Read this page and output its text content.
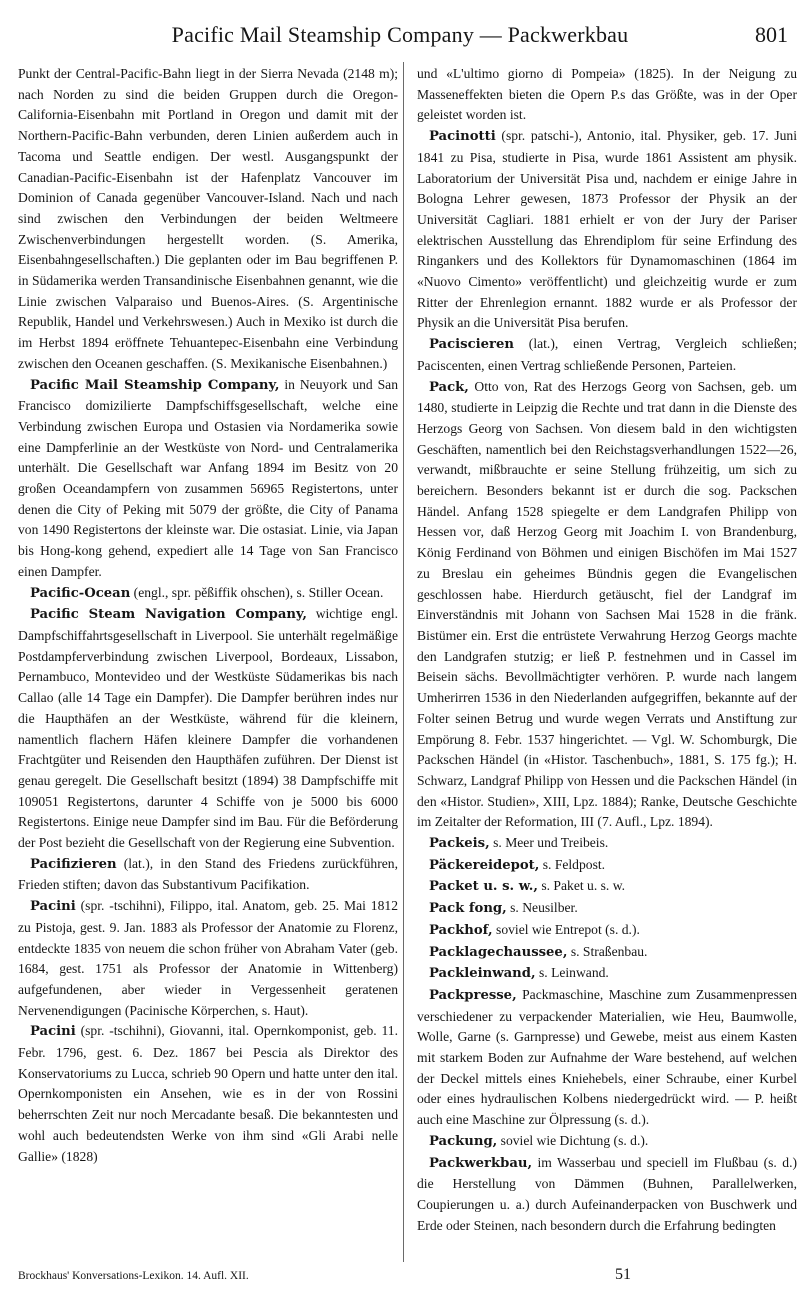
Pacific Mail Steamship Company — Packwerkbau	801

Punkt der Central-Pacific-Bahn liegt in der Sierra Nevada (2148 m); nach Norden zu sind die beiden Gruppen durch die Oregon-California-Eisenbahn mit Portland in Oregon und damit mit der Northern-Pacific-Bahn verbunden, deren Linien außerdem auch in Tacoma und Seattle endigen. Der westl. Ausgangspunkt der Canadian-Pacific-Eisenbahn ist der Hafenplatz Vancouver im Dominion of Canada gegenüber Vancouver-Island. Nach und nach sind zwischen den Verbindungen der beiden Weltmeere Zwischenverbindungen hergestellt worden. (S. Amerika, Eisenbahngesellschaften.) Die geplanten oder im Bau begriffenen P. in Südamerika werden Transandinische Eisenbahnen genannt, wie die Linie zwischen Valparaiso und Buenos-Aires. (S. Argentinische Republik, Handel und Verkehrswesen.) Auch in Mexiko ist durch die im Herbst 1894 eröffnete Tehuantepec-Eisenbahn eine Verbindung zwischen den Oceanen geschaffen. (S. Mexikanische Eisenbahnen.)

Pacific Mail Steamship Company, in Neuyork und San Francisco domizilierte Dampfschiffsgesellschaft, welche eine Verbindung zwischen Europa und Ostasien via Nordamerika sowie eine Dampferlinie an der Westküste von Nord- und Centralamerika unterhält. Die Gesellschaft war Anfang 1894 im Besitz von 20 großen Oceandampfern von zusammen 56965 Registertons, unter denen die City of Peking mit 5079 der größte, die City of Panama von 1490 Registertons der kleinste war. Die ostasiat. Linie, via Japan bis Hong-kong gehend, expediert alle 14 Tage von San Francisco einen Dampfer.

Pacific-Ocean (engl., spr. pĕßiffik ohschen), s. Stiller Ocean.

Pacific Steam Navigation Company, wichtige engl. Dampfschiffahrtsgesellschaft in Liverpool. Sie unterhält regelmäßige Postdampferverbindung zwischen Liverpool, Bordeaux, Lissabon, Pernambuco, Montevideo und der Westküste Südamerikas bis nach Callao (alle 14 Tage ein Dampfer). Die Dampfer berühren indes nur die Haupthäfen an der Westküste, während für die kleinern, namentlich flachern Häfen kleinere Dampfer die vorhandenen Frachtgüter und Reisenden den Haupthäfen zuführen. Der Dienst ist genau geregelt. Die Gesellschaft besitzt (1894) 38 Dampfschiffe mit 109051 Registertons, darunter 4 Schiffe von je 5000 bis 6000 Registertons. Einige neue Dampfer sind im Bau. Für die Beförderung der Post bezieht die Gesellschaft von der Regierung eine Subvention.

Pacifizieren (lat.), in den Stand des Friedens zurückführen, Frieden stiften; davon das Substantivum Pacifikation.

Pacini (spr. -tschihni), Filippo, ital. Anatom, geb. 25. Mai 1812 zu Pistoja, gest. 9. Jan. 1883 als Professor der Anatomie zu Florenz, entdeckte 1835 von neuem die schon früher von Abraham Vater (geb. 1684, gest. 1751 als Professor der Anatomie in Wittenberg) aufgefundenen, aber wieder in Vergessenheit geratenen Nervenendigungen (Pacinische Körperchen, s. Haut).

Pacini (spr. -tschihni), Giovanni, ital. Opernkomponist, geb. 11. Febr. 1796, gest. 6. Dez. 1867 bei Pescia als Direktor des Konservatoriums zu Lucca, schrieb 90 Opern und hatte unter den ital. Opernkomponisten ein Ansehen, wie es in der von Rossini beherrschten Zeit nur noch Mercadante besaß. Die bekanntesten und wohl auch bedeutendsten Werke von ihm sind «Gli Arabi nelle Gallie» (1828)

und «L'ultimo giorno di Pompeia» (1825). In der Neigung zu Massenеffekten bieten die Opern P.s das Größte, was in der Oper geleistet worden ist.

Pacinotti (spr. patschi-), Antonio, ital. Physiker, geb. 17. Juni 1841 zu Pisa, studierte in Pisa, wurde 1861 Assistent am physik. Laboratorium der Universität Pisa und, nachdem er einige Jahre in Bologna Lehrer gewesen, 1873 Professor der Physik an der Universität Cagliari. 1881 erhielt er von der Jury der Pariser elektrischen Ausstellung das Ehrendiplom für seine Erfindung des Ringankers und des Kollektors für Dynamomaschinen (1864 im «Nuovo Cimento» veröffentlicht) und gleichzeitig wurde er zum Ritter der Ehrenlegion ernannt. 1882 wurde er als Professor der Physik an die Universität Pisa berufen.

Paciscieren (lat.), einen Vertrag, Vergleich schließen; Paciscenten, einen Vertrag schließende Personen, Parteien.

Pack, Otto von, Rat des Herzogs Georg von Sachsen, geb. um 1480, studierte in Leipzig die Rechte und trat dann in die Dienste des Herzogs Georg von Sachsen. Von diesem bald in den wichtigsten Geschäften, namentlich bei den Reichstagsverhandlungen 1522—26, verwandt, mißbrauchte er seine Stellung frühzeitig, um sich zu bereichern. Besonders bekannt ist er durch die sog. Packschen Händel. Anfang 1528 spiegelte er dem Landgrafen Philipp von Hessen vor, daß Herzog Georg mit Joachim I. von Brandenburg, König Ferdinand von Böhmen und einigen Bischöfen im Mai 1527 zu Breslau ein geheimes Bündnis gegen die Evangelischen geschlossen habe. Hierdurch getäuscht, fiel der Landgraf im Einverständnis mit Johann von Sachsen Mai 1528 in die fränk. Bistümer ein. Erst die entrüstete Verwahrung Herzog Georgs machte den Landgrafen stutzig; er ließ P. festnehmen und in Cassel im Beisein sächs. Bevollmächtigter verhören. P. wurde nach langem Umherirren 1536 in den Niederlanden aufgegriffen, bekannte auf der Folter seinen Betrug und wurde wegen Verrats und Anstiftung zur Empörung 8. Febr. 1537 hingerichtet. — Vgl. W. Schomburgk, Die Packschen Händel (in «Histor. Taschenbuch», 1881, S. 175 fg.); H. Schwarz, Landgraf Philipp von Hessen und die Packschen Händel (in den «Histor. Studien», XIII, Lpz. 1884); Ranke, Deutsche Geschichte im Zeitalter der Reformation, III (7. Aufl., Lpz. 1894).

Packeis, s. Meer und Treibeis.

Päckereidepot, s. Feldpost.

Packet u. s. w., s. Paket u. s. w.

Pack fong, s. Neusilber.

Packhof, soviel wie Entrepot (s. d.).

Packlagechaussee, s. Straßenbau.

Packleinwand, s. Leinwand.

Packpresse, Packmaschine, Maschine zum Zusammenpressen verschiedener zu verpackender Materialien, wie Heu, Baumwolle, Wolle, Garne (s. Garnpresse) und Gewebe, meist aus einem Kasten mit starkem Boden zur Aufnahme der Ware bestehend, auf welchen der Deckel mittels eines Kniehebels, einer Schraube, einer Kurbel oder eines hydraulischen Kolbens niedergedrückt wird. — P. heißt auch eine Maschine zur Ölpressung (s. d.).

Packung, soviel wie Dichtung (s. d.).

Packwerkbau, im Wasserbau und speciell im Flußbau (s. d.) die Herstellung von Dämmen (Buhnen, Parallelwerken, Coupierungen u. a.) durch Aufeinanderpacken von Buschwerk und Erde oder Steinen, nach besondern durch die Erfahrung bedingten

Brockhaus' Konversations-Lexikon. 14. Aufl. XII.	51
